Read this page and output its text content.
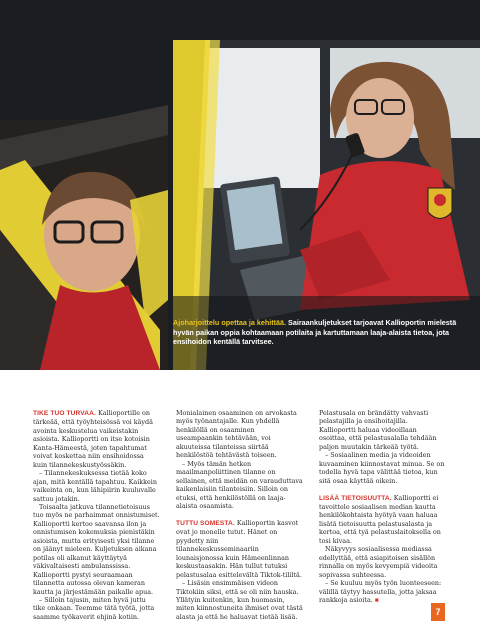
Ajoharjoittelu opettaa ja kehittää. Sairaankuljetukset tarjoavat Kallioportin mielestä hyvän paikan oppia kohtaamaan potilaita ja kartuttamaan laaja-alaista tietoa, jota ensihoidon kentällä tarvitsee.

TIKE TUO TURVAA. Kallioportille on tärkeää, että työyhteisössä voi käydä avointa keskustelua vaikeistakin asioista. Kallioportti on itse kotoisin Kanta-Hämeestä, joten tapahtumat voivat koskettaa niin ensihoidossa kuin tilannekeskustyössäkin.

– Tilannekeskuksessa tietää koko ajan, mitä kentällä tapahtuu. Kaikkein vaikeinta on, kun lähipiirin kuuluvalle sattuu jotakin.

Toisaalta jatkuva tilannetietoisuus tuo myös ne parhaimmat onnistumiset. Kallioportti kertoo saavansa ilon ja onnistumisen kokemuksia pienistäkin asioista, mutta erityisesti yksi tilanne on jäänyt mieleen. Kuljetuksen aikana potilas oli alkanut käyttäytyä väkivaltaisesti ambulanssissa. Kallioportti pystyi seuraamaan tilannetta autossa olevan kameran kautta ja järjestämään paikalle apua.

– Silloin tajusin, miten hyvä juttu tike onkaan. Teemme tätä työtä, jotta saamme työkaverit ehjinä kotiin.

Monialainen osaaminen on arvokasta myös työnantajalle. Kun yhdellä henkilöllä on osaaminen useampaankin tehtävään, voi akuuteissa tilanteissa siirtää henkilöstöä tehtävästä toiseen.

– Myös tämän hetken maailmanpoliittinen tilanne on sellainen, että meidän on varauduttava kaikenlaisiin tilanteisiin. Silloin on etuksi, että henkilöstöllä on laaja-alaista osaamista.

TUTTU SOMESTA. Kallioportin kasvot ovat jo monelle tutut. Hänet on pyydetty niin tilannekeskusseminaariin lounaisjonossa kuin Hämeenlinnan keskustaasakin. Hän tullut tutuksi pelastusalaa esittelevältä Tiktok-tililtä.

– Lisäsin ensimmäisen videon Tiktokiin siksi, että se oli niin hauska. Yllätyin kuitenkin, kun huomasin, miten kiinnostuneita ihmiset ovat tästä alasta ja että he haluavat tietää lisää.

Pelastusala on brändätty vahvasti pelastajilla ja ensihoitajilla. Kallioportti haluaa videoillaan osoittaa, että pelastusalalla tehdään paljon muutakin tärkeää työtä.

– Sosiaalinen media ja videoiden kuvaaminen kiinnostavat minua. Se on todella hyvä tapa välittää tietoa, kun sitä osaa käyttää oikein.

LISÄÄ TIETOISUUTTA. Kallioportti ei tavoittele sosiaalisen median kautta henkilökohtaista hyötyä vaan haluaa lisätä tietoisuutta pelastusalasta ja kertoa, että tyä pelastuslaitoksella on tosi kivaa.

Näkyvyys sosiaalisessa mediassa edellyttää, että asiapitoisen sisällön rinnalla on myös kevyempiä videoita sopivassa suhteessa.

– Se kuuluu myös työn luonteeseen: välillä täytyy hassutella, jotta jaksaa rankkoja asioita. ■

7
